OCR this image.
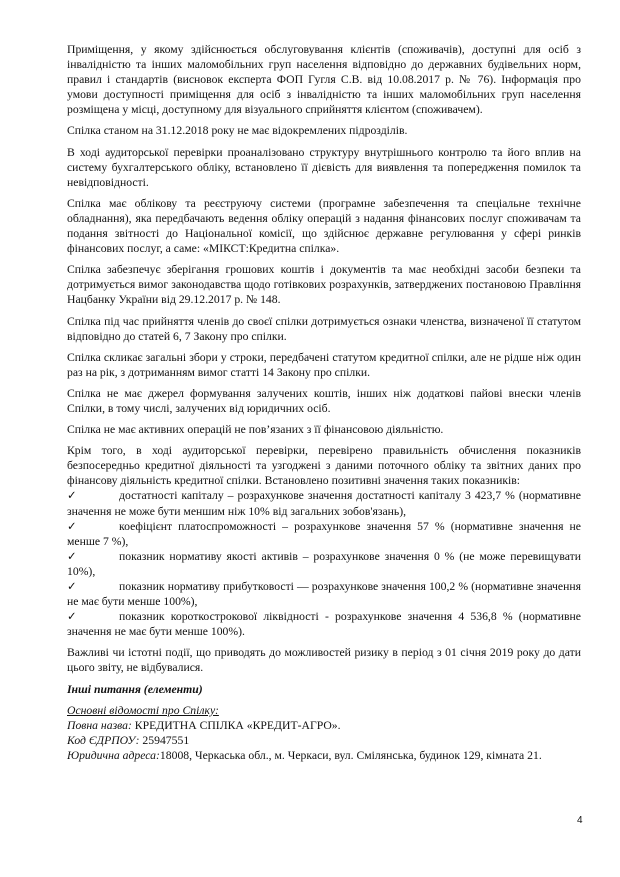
Приміщення, у якому здійснюється обслуговування клієнтів (споживачів), доступні для осіб з інвалідністю та інших маломобільних груп населення відповідно до державних будівельних норм, правил і стандартів (висновок експерта ФОП Гугля С.В. від 10.08.2017 р. № 76). Інформація про умови доступності приміщення для осіб з інвалідністю та інших маломобільних груп населення розміщена у місці, доступному для візуального сприйняття клієнтом (споживачем).

Спілка станом на 31.12.2018 року не має відокремлених підрозділів.

В ході аудиторської перевірки проаналізовано структуру внутрішнього контролю та його вплив на систему бухгалтерського обліку, встановлено її дієвість для виявлення та попередження помилок та невідповідності.

Спілка має облікову та реєструючу системи (програмне забезпечення та спеціальне технічне обладнання), яка передбачають ведення обліку операцій з надання фінансових послуг споживачам та подання звітності до Національної комісії, що здійснює державне регулювання у сфері ринків фінансових послуг, а саме: «МІКСТ:Кредитна спілка».

Спілка забезпечує зберігання грошових коштів і документів та має необхідні засоби безпеки та дотримується вимог законодавства щодо готівкових розрахунків, затверджених постановою Правління Нацбанку України від 29.12.2017 р. № 148.

Спілка під час прийняття членів до своєї спілки дотримується ознаки членства, визначеної її статутом відповідно до статей 6, 7 Закону про спілки.

Спілка скликає загальні збори у строки, передбачені статутом кредитної спілки, але не рідше ніж один раз на рік, з дотриманням вимог статті 14 Закону про спілки.

Спілка не має джерел формування залучених коштів, інших ніж додаткові пайові внески членів Спілки, в тому числі, залучених від юридичних осіб.

Спілка не має активних операцій не пов’язаних з її фінансовою діяльністю.

Крім того, в ході аудиторської перевірки, перевірено правильність обчислення показників безпосередньо кредитної діяльності та узгоджені з даними поточного обліку та звітних даних про фінансову діяльність кредитної спілки. Встановлено позитивні значення таких показників:
✓	достатності капіталу – розрахункове значення достатності капіталу 3 423,7 % (нормативне значення не може бути меншим ніж 10% від загальних зобов'язань),
✓	коефіцієнт платоспроможності – розрахункове значення 57 % (нормативне значення не менше 7 %),
✓	показник нормативу якості активів – розрахункове значення 0 % (не може перевищувати 10%),
✓	показник нормативу прибутковості — розрахункове значення 100,2 % (нормативне значення не має бути менше 100%),
✓	показник короткострокової ліквідності - розрахункове значення 4 536,8 % (нормативне значення не має бути менше 100%).

Важливі чи істотні події, що приводять до можливостей ризику в період з 01 січня 2019 року до дати цього звіту, не відбувалися.

Інші питання (елементи)

Основні відомості про Спілку:
Повна назва: КРЕДИТНА СПІЛКА «КРЕДИТ-АГРО».
Код ЄДРПОУ: 25947551
Юридична адреса:18008, Черкаська обл., м. Черкаси, вул. Смілянська, будинок 129, кімната 21.
4
